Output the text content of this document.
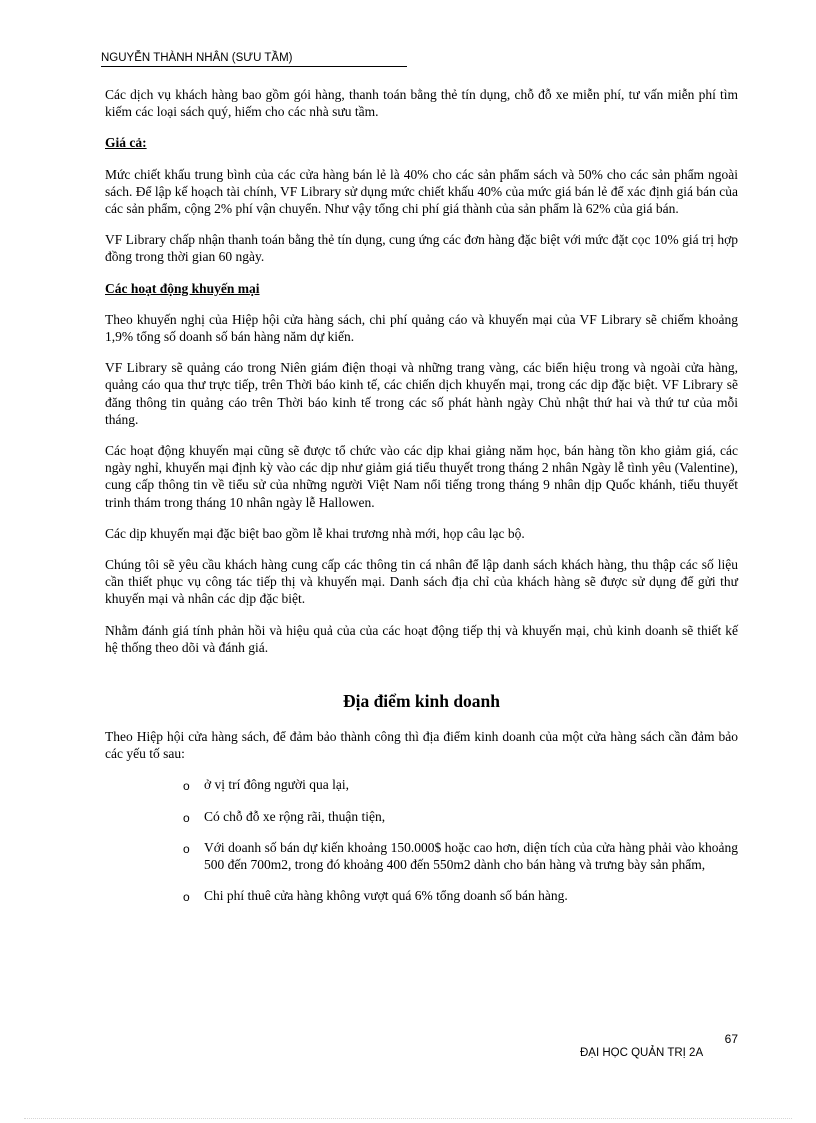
NGUYỄN THÀNH NHÂN (SƯU TẦM)

Các dịch vụ khách hàng bao gồm gói hàng, thanh toán bằng thẻ tín dụng, chỗ đỗ xe miễn phí, tư vấn miễn phí tìm kiếm các loại sách quý, hiếm cho các nhà sưu tầm.

Giá cả:

Mức chiết khấu trung bình của các cửa hàng bán lẻ là 40% cho các sản phẩm sách và 50% cho các sản phẩm ngoài sách. Để lập kế hoạch tài chính, VF Library sử dụng mức chiết khấu 40% của mức giá bán lẻ để xác định giá bán của các sản phẩm, cộng 2% phí vận chuyển. Như vậy tổng chi phí giá thành của sản phẩm là 62% của giá bán.

VF Library chấp nhận thanh toán bằng thẻ tín dụng, cung ứng các đơn hàng đặc biệt với mức đặt cọc 10% giá trị hợp đồng trong thời gian 60 ngày.

Các hoạt động khuyến mại

Theo khuyến nghị của Hiệp hội cửa hàng sách, chi phí quảng cáo và khuyến mại của VF Library sẽ chiếm khoảng 1,9% tổng số doanh số bán hàng năm dự kiến.

VF Library sẽ quảng cáo trong Niên giám điện thoại và những trang vàng, các biển hiệu trong và ngoài cửa hàng, quảng cáo qua thư trực tiếp, trên Thời báo kinh tế, các chiến dịch khuyến mại, trong các dịp đặc biệt. VF Library sẽ đăng thông tin quảng cáo trên Thời báo kinh tế trong các số phát hành ngày Chủ nhật thứ hai và thứ tư của mỗi tháng.

Các hoạt động khuyến mại cũng sẽ được tổ chức vào các dịp khai giảng năm học, bán hàng tồn kho giảm giá, các ngày nghỉ, khuyến mại định kỳ vào các dịp như giảm giá tiểu thuyết trong tháng 2 nhân Ngày lễ tình yêu (Valentine), cung cấp thông tin về tiểu sử của những người Việt Nam nổi tiếng trong tháng 9 nhân dịp Quốc khánh, tiểu thuyết trinh thám trong tháng 10 nhân ngày lễ Hallowen.

Các dịp khuyến mại đặc biệt bao gồm lễ khai trương nhà mới, họp câu lạc bộ.

Chúng tôi sẽ yêu cầu khách hàng cung cấp các thông tin cá nhân để lập danh sách khách hàng, thu thập các số liệu cần thiết phục vụ công tác tiếp thị và khuyến mại. Danh sách địa chỉ của khách hàng sẽ được sử dụng để gửi thư khuyến mại và nhân các dịp đặc biệt.

Nhằm đánh giá tính phản hồi và hiệu quả của của các hoạt động tiếp thị và khuyến mại, chủ kinh doanh sẽ thiết kế hệ thống theo dõi và đánh giá.

Địa điểm kinh doanh

Theo Hiệp hội cửa hàng sách, để đảm bảo thành công thì địa điểm kinh doanh của một cửa hàng sách cần đảm bảo các yếu tố sau:

o ở vị trí đông người qua lại,
o Có chỗ đỗ xe rộng rãi, thuận tiện,
o Với doanh số bán dự kiến khoảng 150.000$ hoặc cao hơn, diện tích của cửa hàng phải vào khoảng 500 đến 700m2, trong đó khoảng 400 đến 550m2 dành cho bán hàng và trưng bày sản phẩm,
o Chi phí thuê cửa hàng không vượt quá 6% tổng doanh số bán hàng.
67
ĐẠI HỌC QUẢN TRỊ 2A
